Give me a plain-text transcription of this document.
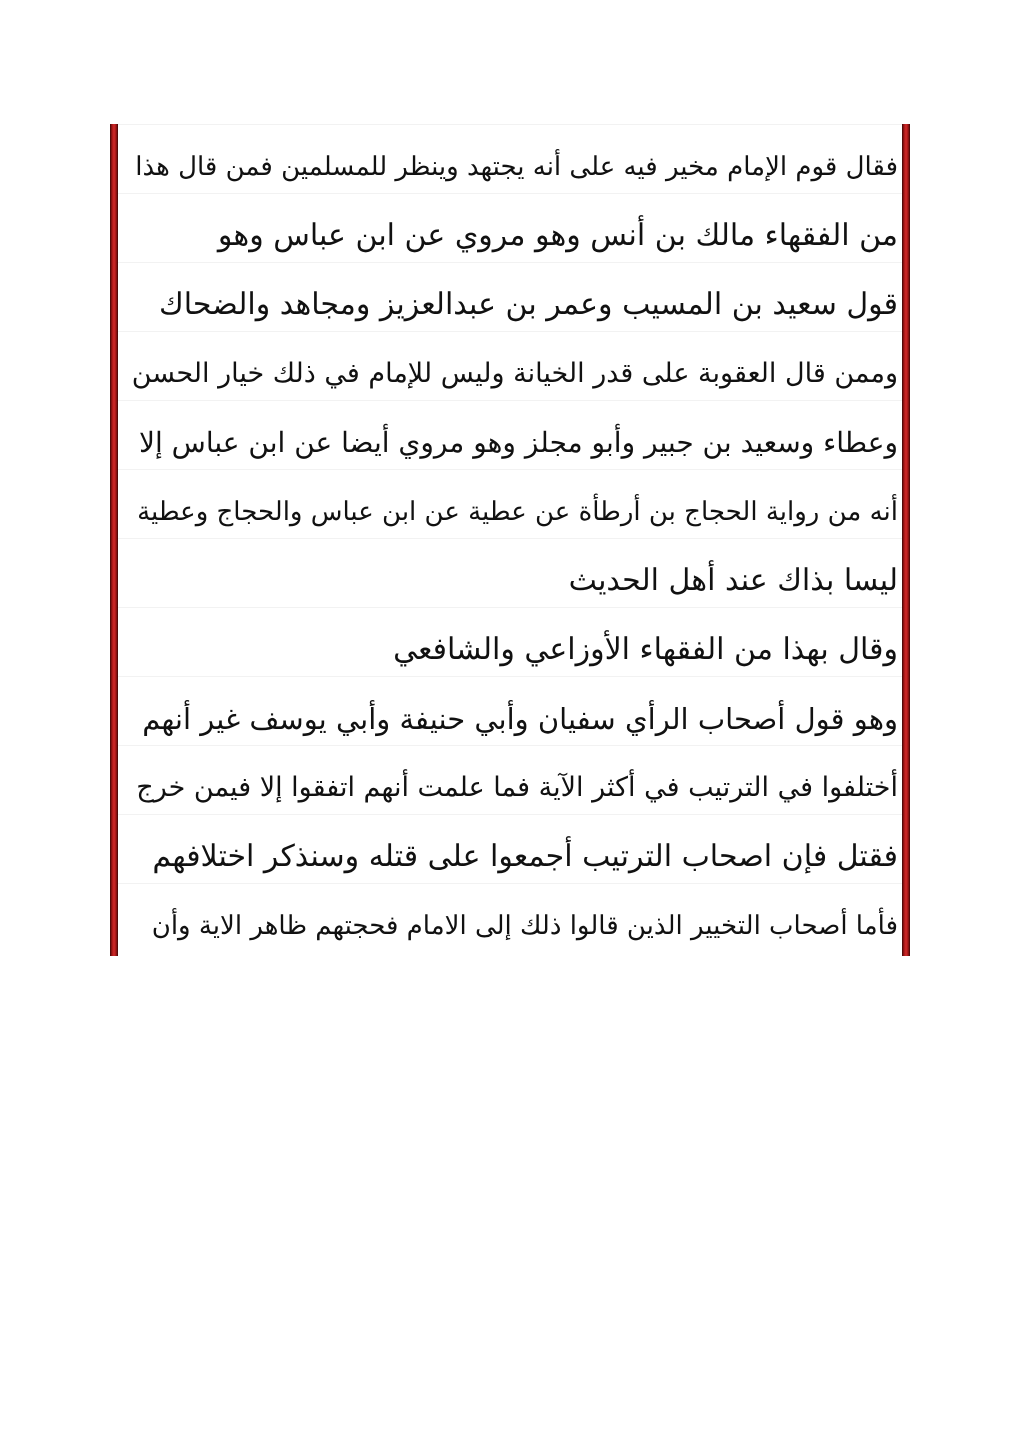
فقال قوم الإمام مخير فيه على أنه يجتهد وينظر للمسلمين فمن قال هذا
من الفقهاء مالك بن أنس وهو مروي عن ابن عباس وهو
قول سعيد بن المسيب وعمر بن عبدالعزيز ومجاهد والضحاك
وممن قال العقوبة على قدر الخيانة وليس للإمام في ذلك خيار الحسن
وعطاء وسعيد بن جبير وأبو مجلز وهو مروي أيضا عن ابن عباس إلا
أنه من رواية الحجاج بن أرطأة عن عطية عن ابن عباس والحجاج وعطية
ليسا بذاك عند أهل الحديث
وقال بهذا من الفقهاء الأوزاعي والشافعي
وهو قول أصحاب الرأي سفيان وأبي حنيفة وأبي يوسف غير أنهم
أختلفوا في الترتيب في أكثر الآية فما علمت أنهم اتفقوا إلا فيمن خرج
فقتل فإن اصحاب الترتيب أجمعوا على قتله وسنذكر اختلافهم
فأما أصحاب التخيير الذين قالوا ذلك إلى الامام فحجتهم ظاهر الاية وأن
